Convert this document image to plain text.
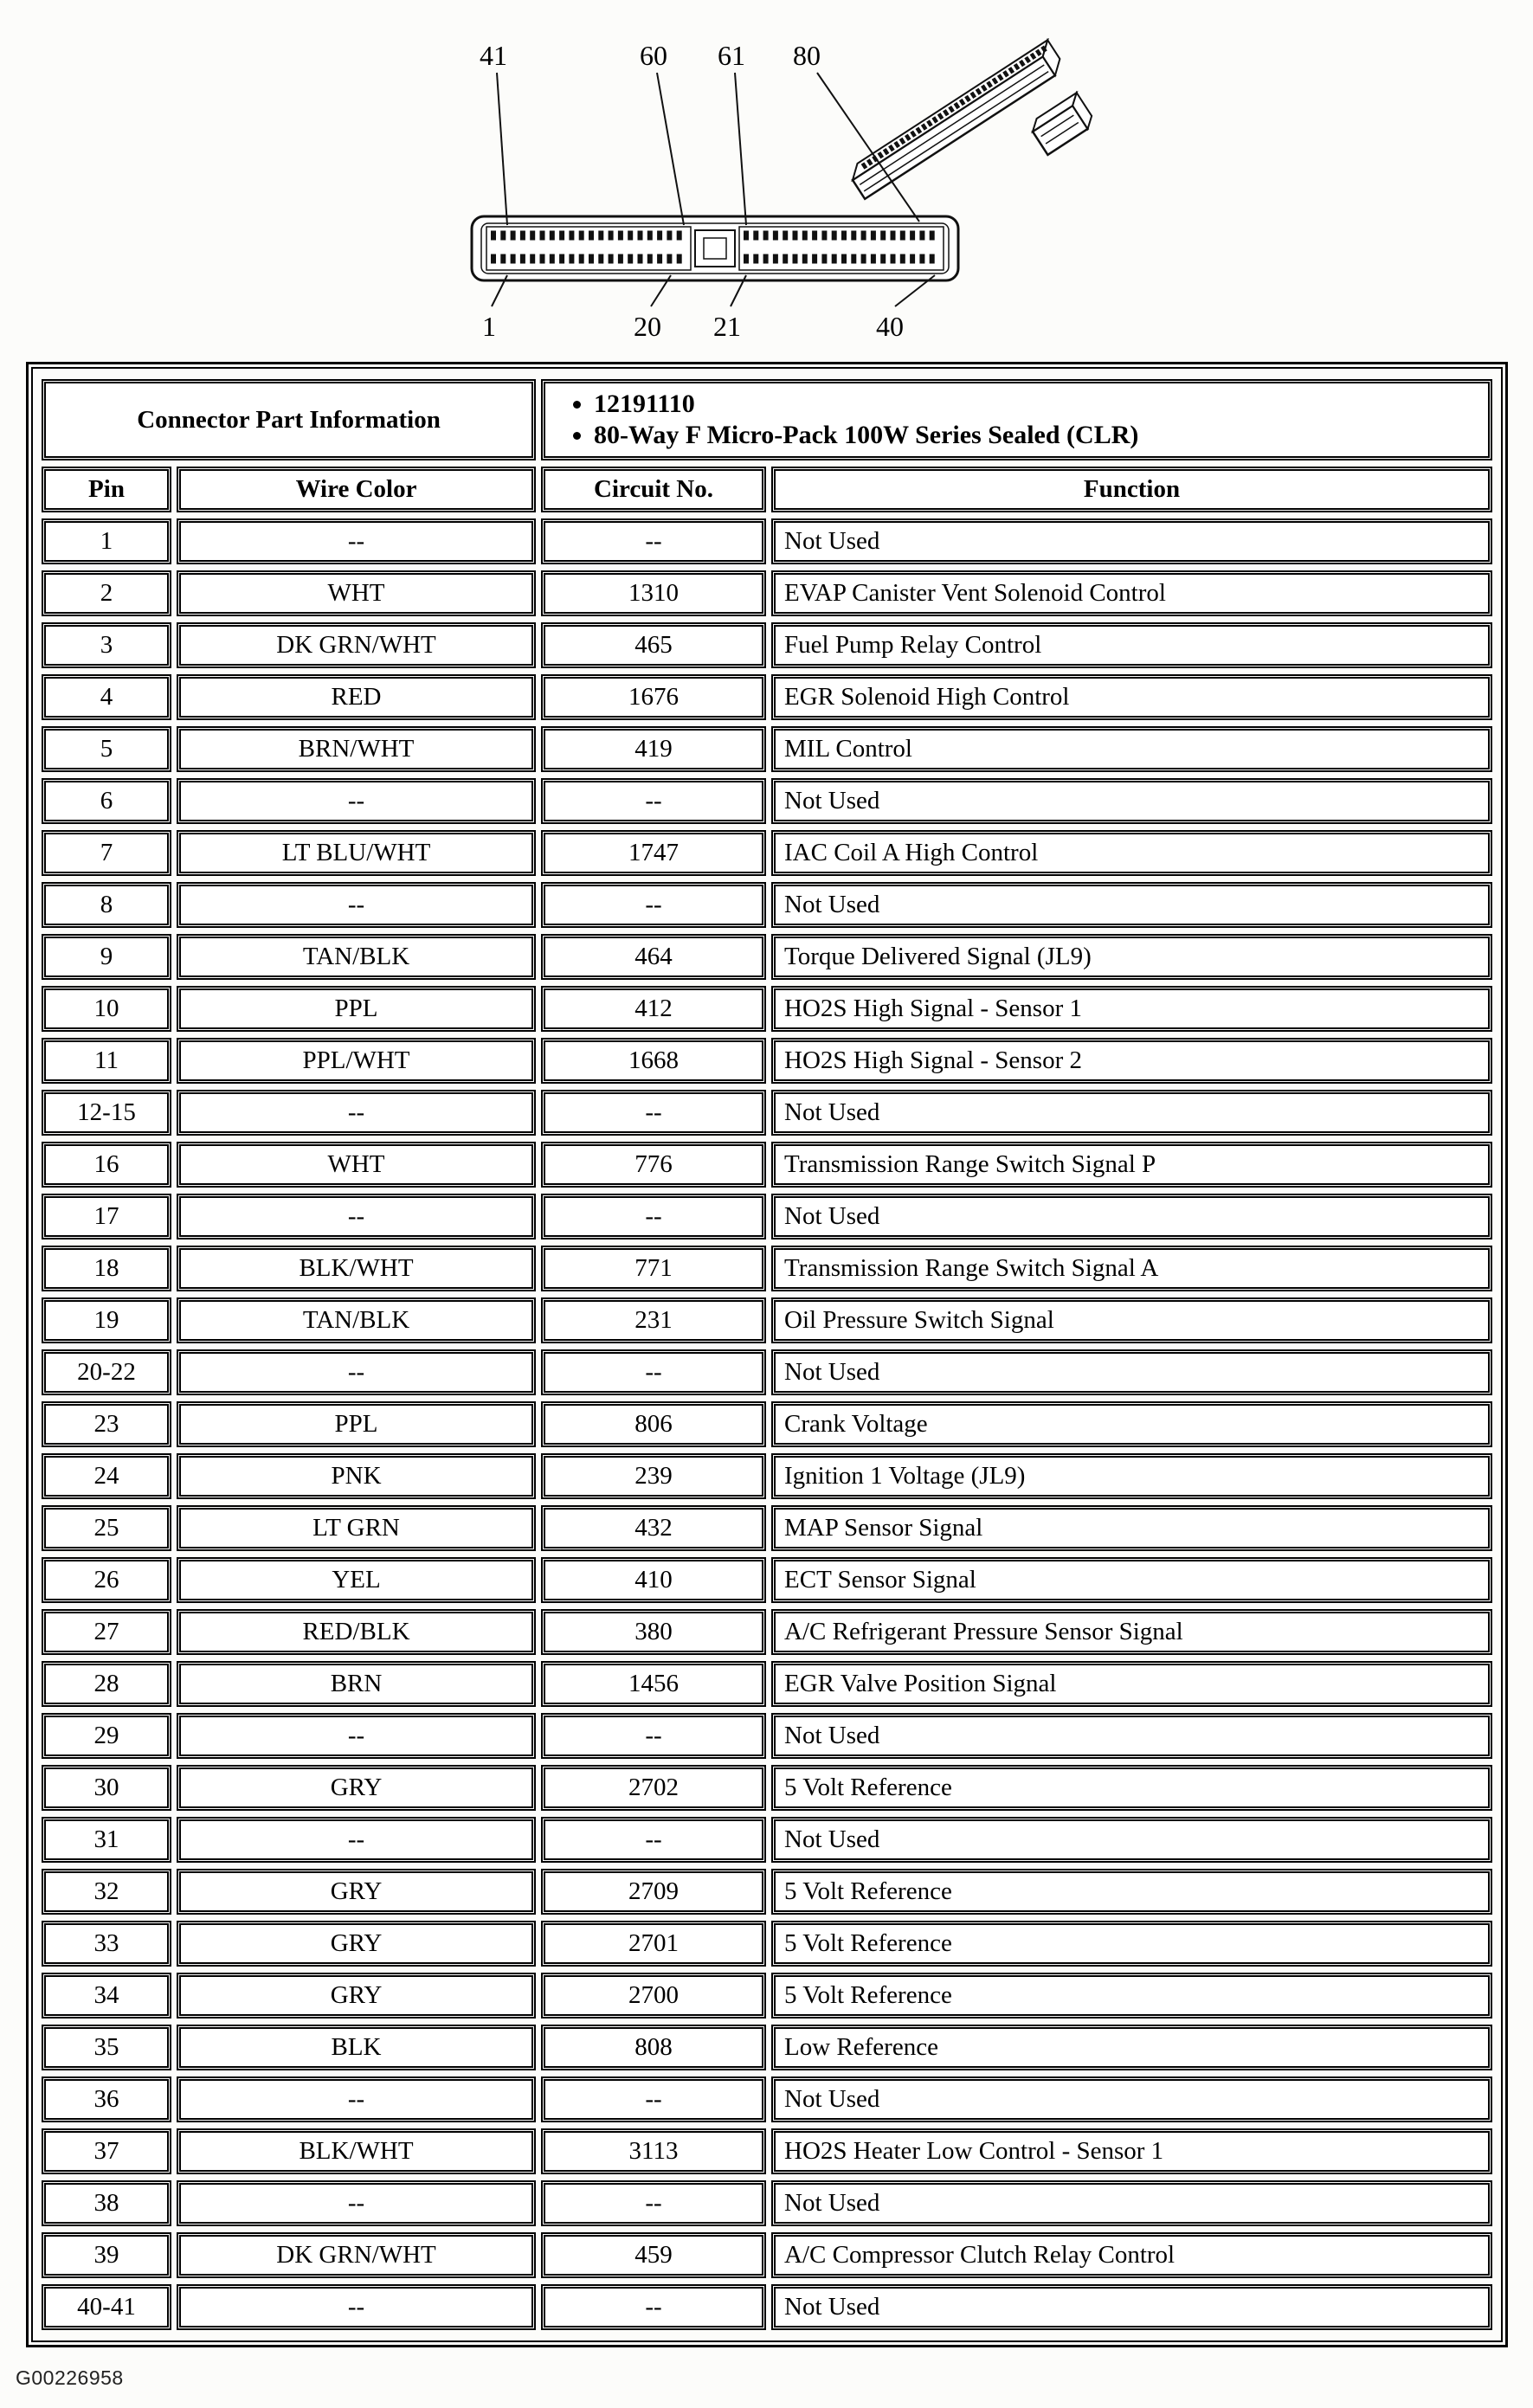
41	60 61 80
1	20 21	40
Connector Part Information	
• 12191110
• 80-Way F Micro-Pack 100W Series Sealed (CLR)

Pin	Wire Color	Circuit No.	Function
1	--	--	Not Used
2	WHT	1310	EVAP Canister Vent Solenoid Control
3	DK GRN/WHT	465	Fuel Pump Relay Control
4	RED	1676	EGR Solenoid High Control
5	BRN/WHT	419	MIL Control
6	--	--	Not Used
7	LT BLU/WHT	1747	IAC Coil A High Control
8	--	--	Not Used
9	TAN/BLK	464	Torque Delivered Signal (JL9)
10	PPL	412	HO2S High Signal - Sensor 1
11	PPL/WHT	1668	HO2S High Signal - Sensor 2
12-15	--	--	Not Used
16	WHT	776	Transmission Range Switch Signal P
17	--	--	Not Used
18	BLK/WHT	771	Transmission Range Switch Signal A
19	TAN/BLK	231	Oil Pressure Switch Signal
20-22	--	--	Not Used
23	PPL	806	Crank Voltage
24	PNK	239	Ignition 1 Voltage (JL9)
25	LT GRN	432	MAP Sensor Signal
26	YEL	410	ECT Sensor Signal
27	RED/BLK	380	A/C Refrigerant Pressure Sensor Signal
28	BRN	1456	EGR Valve Position Signal
29	--	--	Not Used
30	GRY	2702	5 Volt Reference
31	--	--	Not Used
32	GRY	2709	5 Volt Reference
33	GRY	2701	5 Volt Reference
34	GRY	2700	5 Volt Reference
35	BLK	808	Low Reference
36	--	--	Not Used
37	BLK/WHT	3113	HO2S Heater Low Control - Sensor 1
38	--	--	Not Used
39	DK GRN/WHT	459	A/C Compressor Clutch Relay Control
40-41	--	--	Not Used
G00226958
